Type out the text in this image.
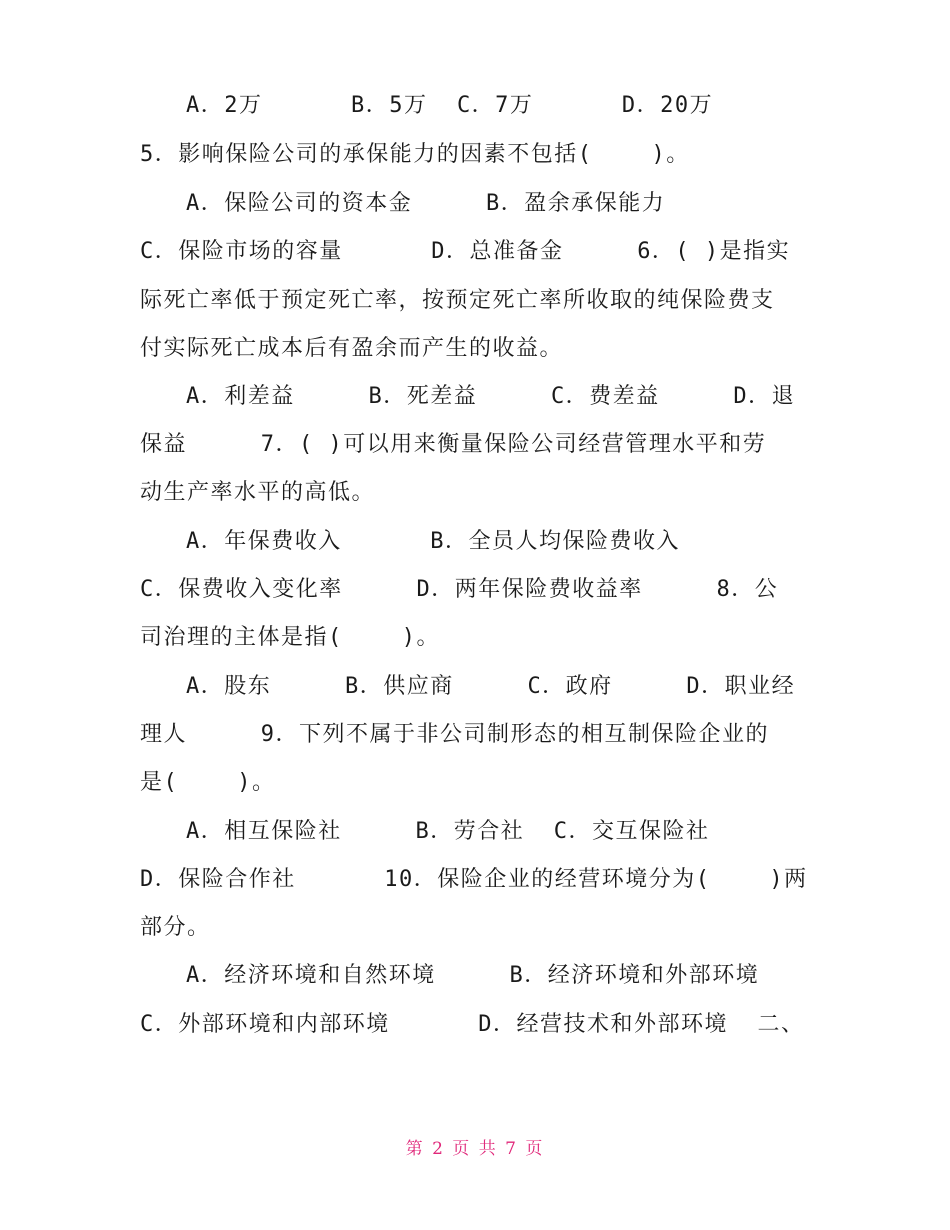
A．2万      B．5万  C．7万      D．20万
5．影响保险公司的承保能力的因素不包括(    )。
A．保险公司的资本金     B．盈余承保能力
C．保险市场的容量      D．总准备金     6．( )是指实
际死亡率低于预定死亡率，按预定死亡率所收取的纯保险费支
付实际死亡成本后有盈余而产生的收益。
A．利差益     B．死差益     C．费差益     D．退
保益     7．( )可以用来衡量保险公司经营管理水平和劳
动生产率水平的高低。
A．年保费收入      B．全员人均保险费收入
C．保费收入变化率     D．两年保险费收益率     8．公
司治理的主体是指(    )。
A．股东     B．供应商     C．政府     D．职业经
理人     9．下列不属于非公司制形态的相互制保险企业的
是(    )。
A．相互保险社     B．劳合社  C．交互保险社
D．保险合作社      10．保险企业的经营环境分为(    )两
部分。
A．经济环境和自然环境     B．经济环境和外部环境
C．外部环境和内部环境      D．经营技术和外部环境  二、
第 2 页 共 7 页
